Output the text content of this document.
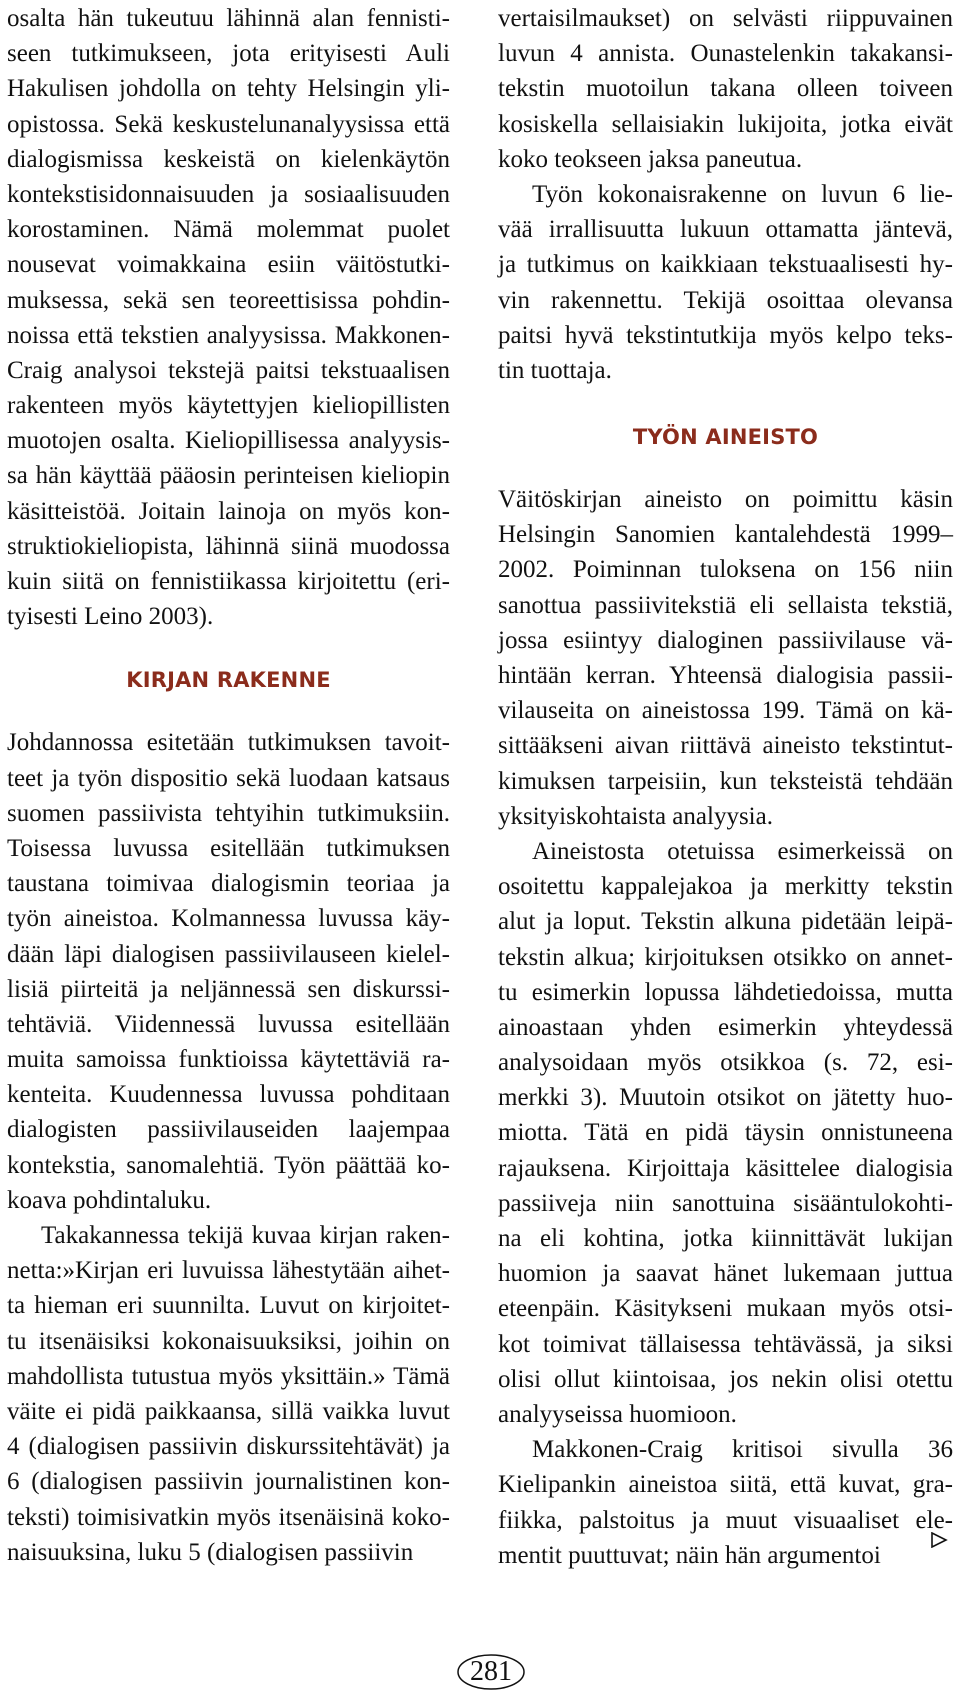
osalta hän tukeutuu lähinnä alan fennisti-
seen tutkimukseen, jota erityisesti Auli
Hakulisen johdolla on tehty Helsingin yli-
opistossa. Sekä keskustelunanalyysissa että
dialogismissa keskeistä on kielenkäytön
kontekstisidonnaisuuden ja sosiaalisuuden
korostaminen. Nämä molemmat puolet
nousevat voimakkaina esiin väitöstutki-
muksessa, sekä sen teoreettisissa pohdin-
noissa että tekstien analyysissa. Makkonen-
Craig analysoi tekstejä paitsi tekstuaalisen
rakenteen myös käytettyjen kieliopillisten
muotojen osalta. Kieliopillisessa analyysis-
sa hän käyttää pääosin perinteisen kieliopin
käsitteistöä. Joitain lainoja on myös kon-
struktiokieliopista, lähinnä siinä muodossa
kuin siitä on fennistiikassa kirjoitettu (eri-
tyisesti Leino 2003).
KIRJAN RAKENNE
Johdannossa esitetään tutkimuksen tavoit-
teet ja työn dispositio sekä luodaan katsaus
suomen passiivista tehtyihin tutkimuksiin.
Toisessa luvussa esitellään tutkimuksen
taustana toimivaa dialogismin teoriaa ja
työn aineistoa. Kolmannessa luvussa käy-
dään läpi dialogisen passiivilauseen kielel-
lisiä piirteitä ja neljännessä sen diskurssi-
tehtäviä. Viidennessä luvussa esitellään
muita samoissa funktioissa käytettäviä ra-
kenteita. Kuudennessa luvussa pohditaan
dialogisten passiivilauseiden laajempaa
kontekstia, sanomalehtiä. Työn päättää ko-
koava pohdintaluku.
Takakannessa tekijä kuvaa kirjan raken-
netta:»Kirjan eri luvuissa lähestytään aihet-
ta hieman eri suunnilta. Luvut on kirjoitet-
tu itsenäisiksi kokonaisuuksiksi, joihin on
mahdollista tutustua myös yksittäin.» Tämä
väite ei pidä paikkaansa, sillä vaikka luvut
4 (dialogisen passiivin diskurssitehtävät) ja
6 (dialogisen passiivin journalistinen kon-
teksti) toimisivatkin myös itsenäisinä koko-
naisuuksina, luku 5 (dialogisen passiivin
vertaisilmaukset) on selvästi riippuvainen
luvun 4 annista. Ounastelenkin takakansi-
tekstin muotoilun takana olleen toiveen
kosiskella sellaisiakin lukijoita, jotka eivät
koko teokseen jaksa paneutua.
Työn kokonaisrakenne on luvun 6 lie-
vää irrallisuutta lukuun ottamatta jäntevä,
ja tutkimus on kaikkiaan tekstuaalisesti hy-
vin rakennettu. Tekijä osoittaa olevansa
paitsi hyvä tekstintutkija myös kelpo teks-
tin tuottaja.
TYÖN AINEISTO
Väitöskirjan aineisto on poimittu käsin
Helsingin Sanomien kantalehdestä 1999–
2002. Poiminnan tuloksena on 156 niin
sanottua passiivitekstiä eli sellaista tekstiä,
jossa esiintyy dialoginen passiivilause vä-
hintään kerran. Yhteensä dialogisia passii-
vilauseita on aineistossa 199. Tämä on kä-
sittääkseni aivan riittävä aineisto tekstintut-
kimuksen tarpeisiin, kun teksteistä tehdään
yksityiskohtaista analyysia.
Aineistosta otetuissa esimerkeissä on
osoitettu kappalejakoa ja merkitty tekstin
alut ja loput. Tekstin alkuna pidetään leipä-
tekstin alkua; kirjoituksen otsikko on annet-
tu esimerkin lopussa lähdetiedoissa, mutta
ainoastaan yhden esimerkin yhteydessä
analysoidaan myös otsikkoa (s. 72, esi-
merkki 3). Muutoin otsikot on jätetty huo-
miotta. Tätä en pidä täysin onnistuneena
rajauksena. Kirjoittaja käsittelee dialogisia
passiiveja niin sanottuina sisääntulokohti-
na eli kohtina, jotka kiinnittävät lukijan
huomion ja saavat hänet lukemaan juttua
eteenpäin. Käsitykseni mukaan myös otsi-
kot toimivat tällaisessa tehtävässä, ja siksi
olisi ollut kiintoisaa, jos nekin olisi otettu
analyyseissa huomioon.
Makkonen-Craig kritisoi sivulla 36
Kielipankin aineistoa siitä, että kuvat, gra-
fiikka, palstoitus ja muut visuaaliset ele-
mentit puuttuvat; näin hän argumentoi
281
